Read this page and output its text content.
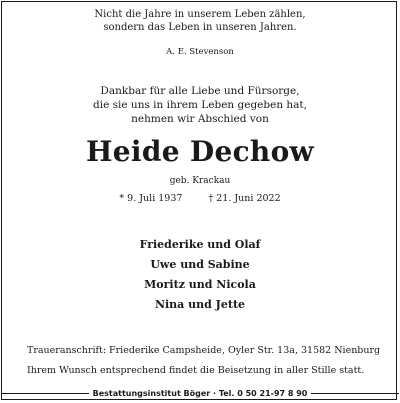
Nicht die Jahre in unserem Leben zählen,
sondern das Leben in unseren Jahren.
A. E. Stevenson
Dankbar für alle Liebe und Fürsorge,
die sie uns in ihrem Leben gegeben hat,
nehmen wir Abschied von
Heide Dechow
geb. Krackau
* 9. Juli 1937	† 21. Juni 2022
Friederike und Olaf
Uwe und Sabine
Moritz und Nicola
Nina und Jette
Traueranschrift: Friederike Campsheide, Oyler Str. 13a, 31582 Nienburg
Ihrem Wunsch entsprechend findet die Beisetzung in aller Stille statt.
Bestattungsinstitut Böger · Tel. 0 50 21-97 8 90
